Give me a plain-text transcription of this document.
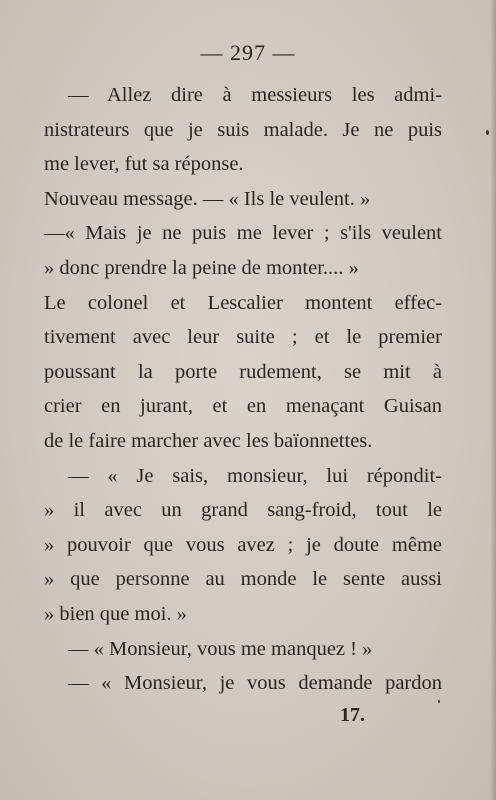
— 297 —
— Allez dire à messieurs les admi-
nistrateurs que je suis malade. Je ne puis
me lever, fut sa réponse.
Nouveau message. — « Ils le veulent. »
—« Mais je ne puis me lever ; s'ils veulent
» donc prendre la peine de monter.... »
Le colonel et Lescalier montent effec-
tivement avec leur suite ; et le premier
poussant la porte rudement, se mit à
crier en jurant, et en menaçant Guisan
de le faire marcher avec les baïonnettes.
— « Je sais, monsieur, lui répondit-
» il avec un grand sang-froid, tout le
» pouvoir que vous avez ; je doute même
» que personne au monde le sente aussi
» bien que moi. »
— « Monsieur, vous me manquez ! »
— « Monsieur, je vous demande pardon
17.
